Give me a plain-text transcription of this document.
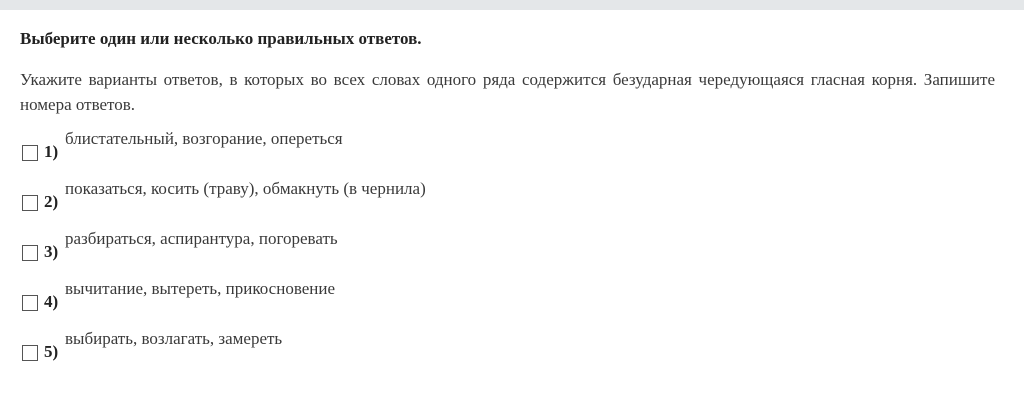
Выберите один или несколько правильных ответов.

Укажите варианты ответов, в которых во всех словах одного ряда содержится безударная чередующаяся гласная корня. Запишите номера ответов.

1)
блистательный, возгорание, опереться
2)
показаться, косить (траву), обмакнуть (в чернила)
3)
разбираться, аспирантура, погоревать
4)
вычитание, вытереть, прикосновение
5)
выбирать, возлагать, замереть
